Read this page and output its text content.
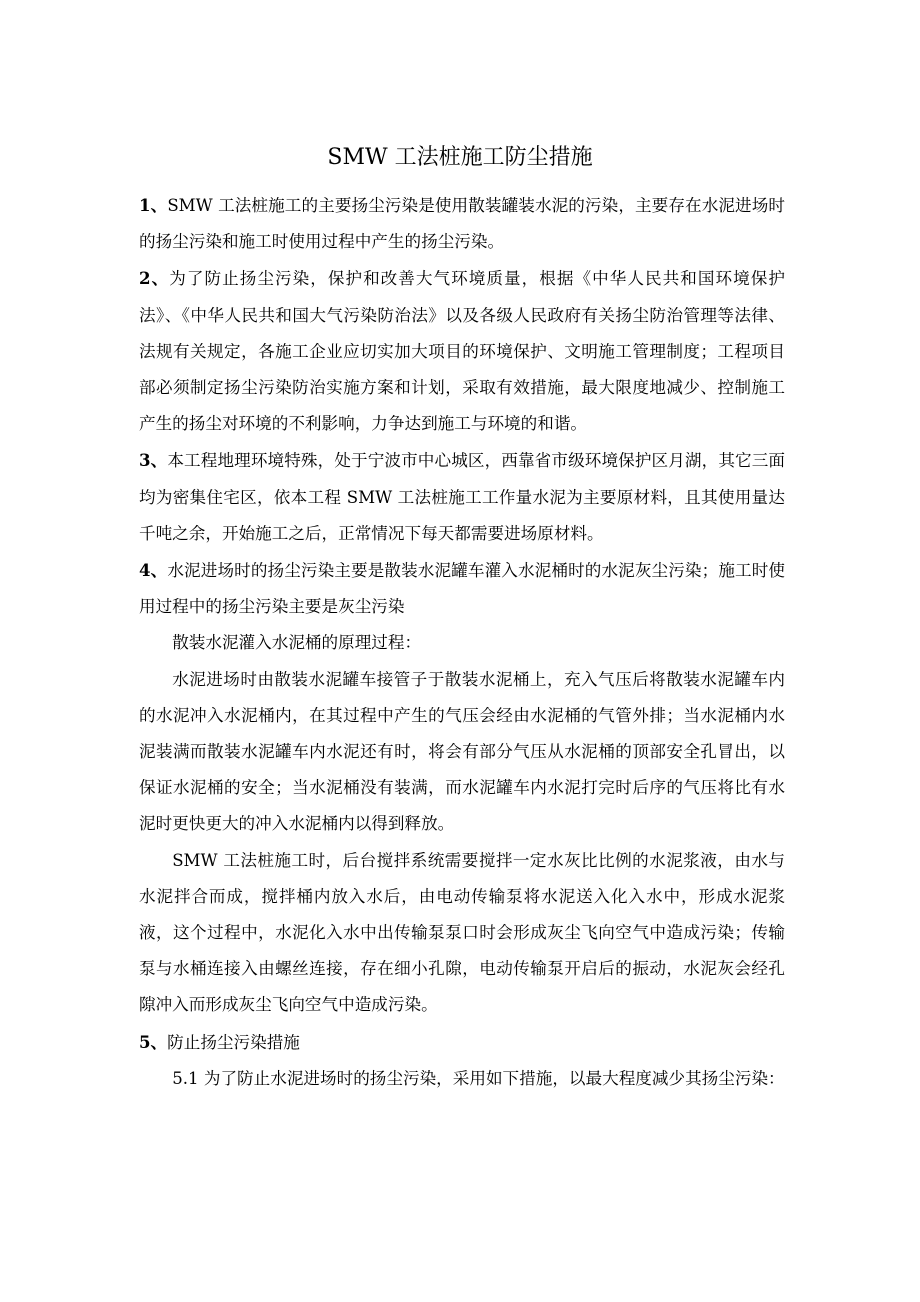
SMW 工法桩施工防尘措施

1、SMW 工法桩施工的主要扬尘污染是使用散装罐装水泥的污染，主要存在水泥进场时的扬尘污染和施工时使用过程中产生的扬尘污染。

2、为了防止扬尘污染，保护和改善大气环境质量，根据《中华人民共和国环境保护法》、《中华人民共和国大气污染防治法》以及各级人民政府有关扬尘防治管理等法律、法规有关规定，各施工企业应切实加大项目的环境保护、文明施工管理制度；工程项目部必须制定扬尘污染防治实施方案和计划，采取有效措施，最大限度地减少、控制施工产生的扬尘对环境的不利影响，力争达到施工与环境的和谐。

3、本工程地理环境特殊，处于宁波市中心城区，西靠省市级环境保护区月湖，其它三面均为密集住宅区，依本工程 SMW 工法桩施工工作量水泥为主要原材料，且其使用量达千吨之余，开始施工之后，正常情况下每天都需要进场原材料。

4、水泥进场时的扬尘污染主要是散装水泥罐车灌入水泥桶时的水泥灰尘污染；施工时使用过程中的扬尘污染主要是灰尘污染

散装水泥灌入水泥桶的原理过程：

水泥进场时由散装水泥罐车接管子于散装水泥桶上，充入气压后将散装水泥罐车内的水泥冲入水泥桶内，在其过程中产生的气压会经由水泥桶的气管外排；当水泥桶内水泥装满而散装水泥罐车内水泥还有时，将会有部分气压从水泥桶的顶部安全孔冒出，以保证水泥桶的安全；当水泥桶没有装满，而水泥罐车内水泥打完时后序的气压将比有水泥时更快更大的冲入水泥桶内以得到释放。

SMW 工法桩施工时，后台搅拌系统需要搅拌一定水灰比比例的水泥浆液，由水与水泥拌合而成，搅拌桶内放入水后，由电动传输泵将水泥送入化入水中，形成水泥浆液，这个过程中，水泥化入水中出传输泵泵口时会形成灰尘飞向空气中造成污染；传输泵与水桶连接入由螺丝连接，存在细小孔隙，电动传输泵开启后的振动，水泥灰会经孔隙冲入而形成灰尘飞向空气中造成污染。

5、防止扬尘污染措施

5.1 为了防止水泥进场时的扬尘污染，采用如下措施，以最大程度减少其扬尘污染：
